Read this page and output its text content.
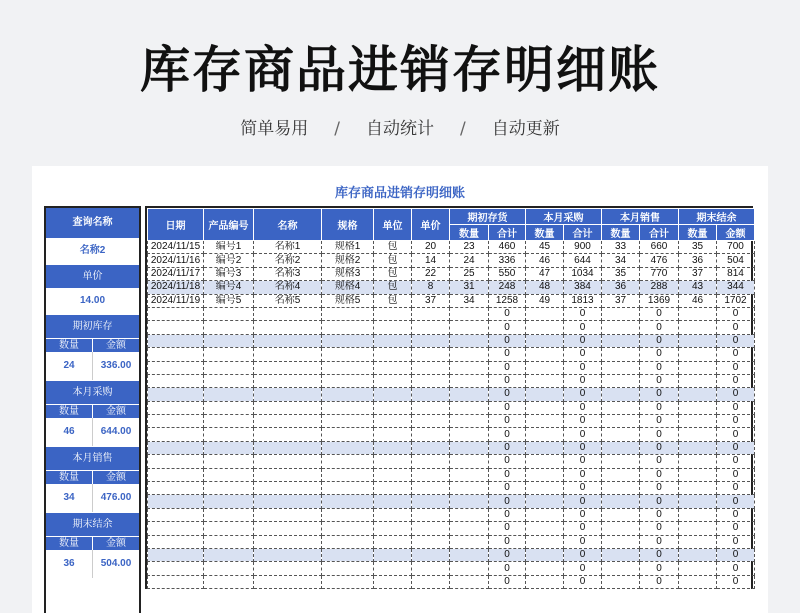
库存商品进销存明细账
简单易用 / 自动统计 / 自动更新
库存商品进销存明细账
查询名称
名称2
单价
14.00
期初库存
数量	金额
24	336.00
本月采购
数量	金额
46	644.00
本月销售
数量	金额
34	476.00
期末结余
数量	金额
36	504.00
日期	产品编号	名称	规格	单位	单价	期初存货		本月采购		本月销售		期末结余	
						数量	合计	数量	合计	数量	合计	数量	金额
2024/11/15	编号1	名称1	规格1	包	20	23	460	45	900	33	660	35	700
2024/11/16	编号2	名称2	规格2	包	14	24	336	46	644	34	476	36	504
2024/11/17	编号3	名称3	规格3	包	22	25	550	47	1034	35	770	37	814
2024/11/18	编号4	名称4	规格4	包	8	31	248	48	384	36	288	43	344
2024/11/19	编号5	名称5	规格5	包	37	34	1258	49	1813	37	1369	46	1702
							0		0		0		0
							0		0		0		0
							0		0		0		0
							0		0		0		0
							0		0		0		0
							0		0		0		0
							0		0		0		0
							0		0		0		0
							0		0		0		0
							0		0		0		0
							0		0		0		0
							0		0		0		0
							0		0		0		0
							0		0		0		0
							0		0		0		0
							0		0		0		0
							0		0		0		0
							0		0		0		0
							0		0		0		0
							0		0		0		0
							0		0		0		0
